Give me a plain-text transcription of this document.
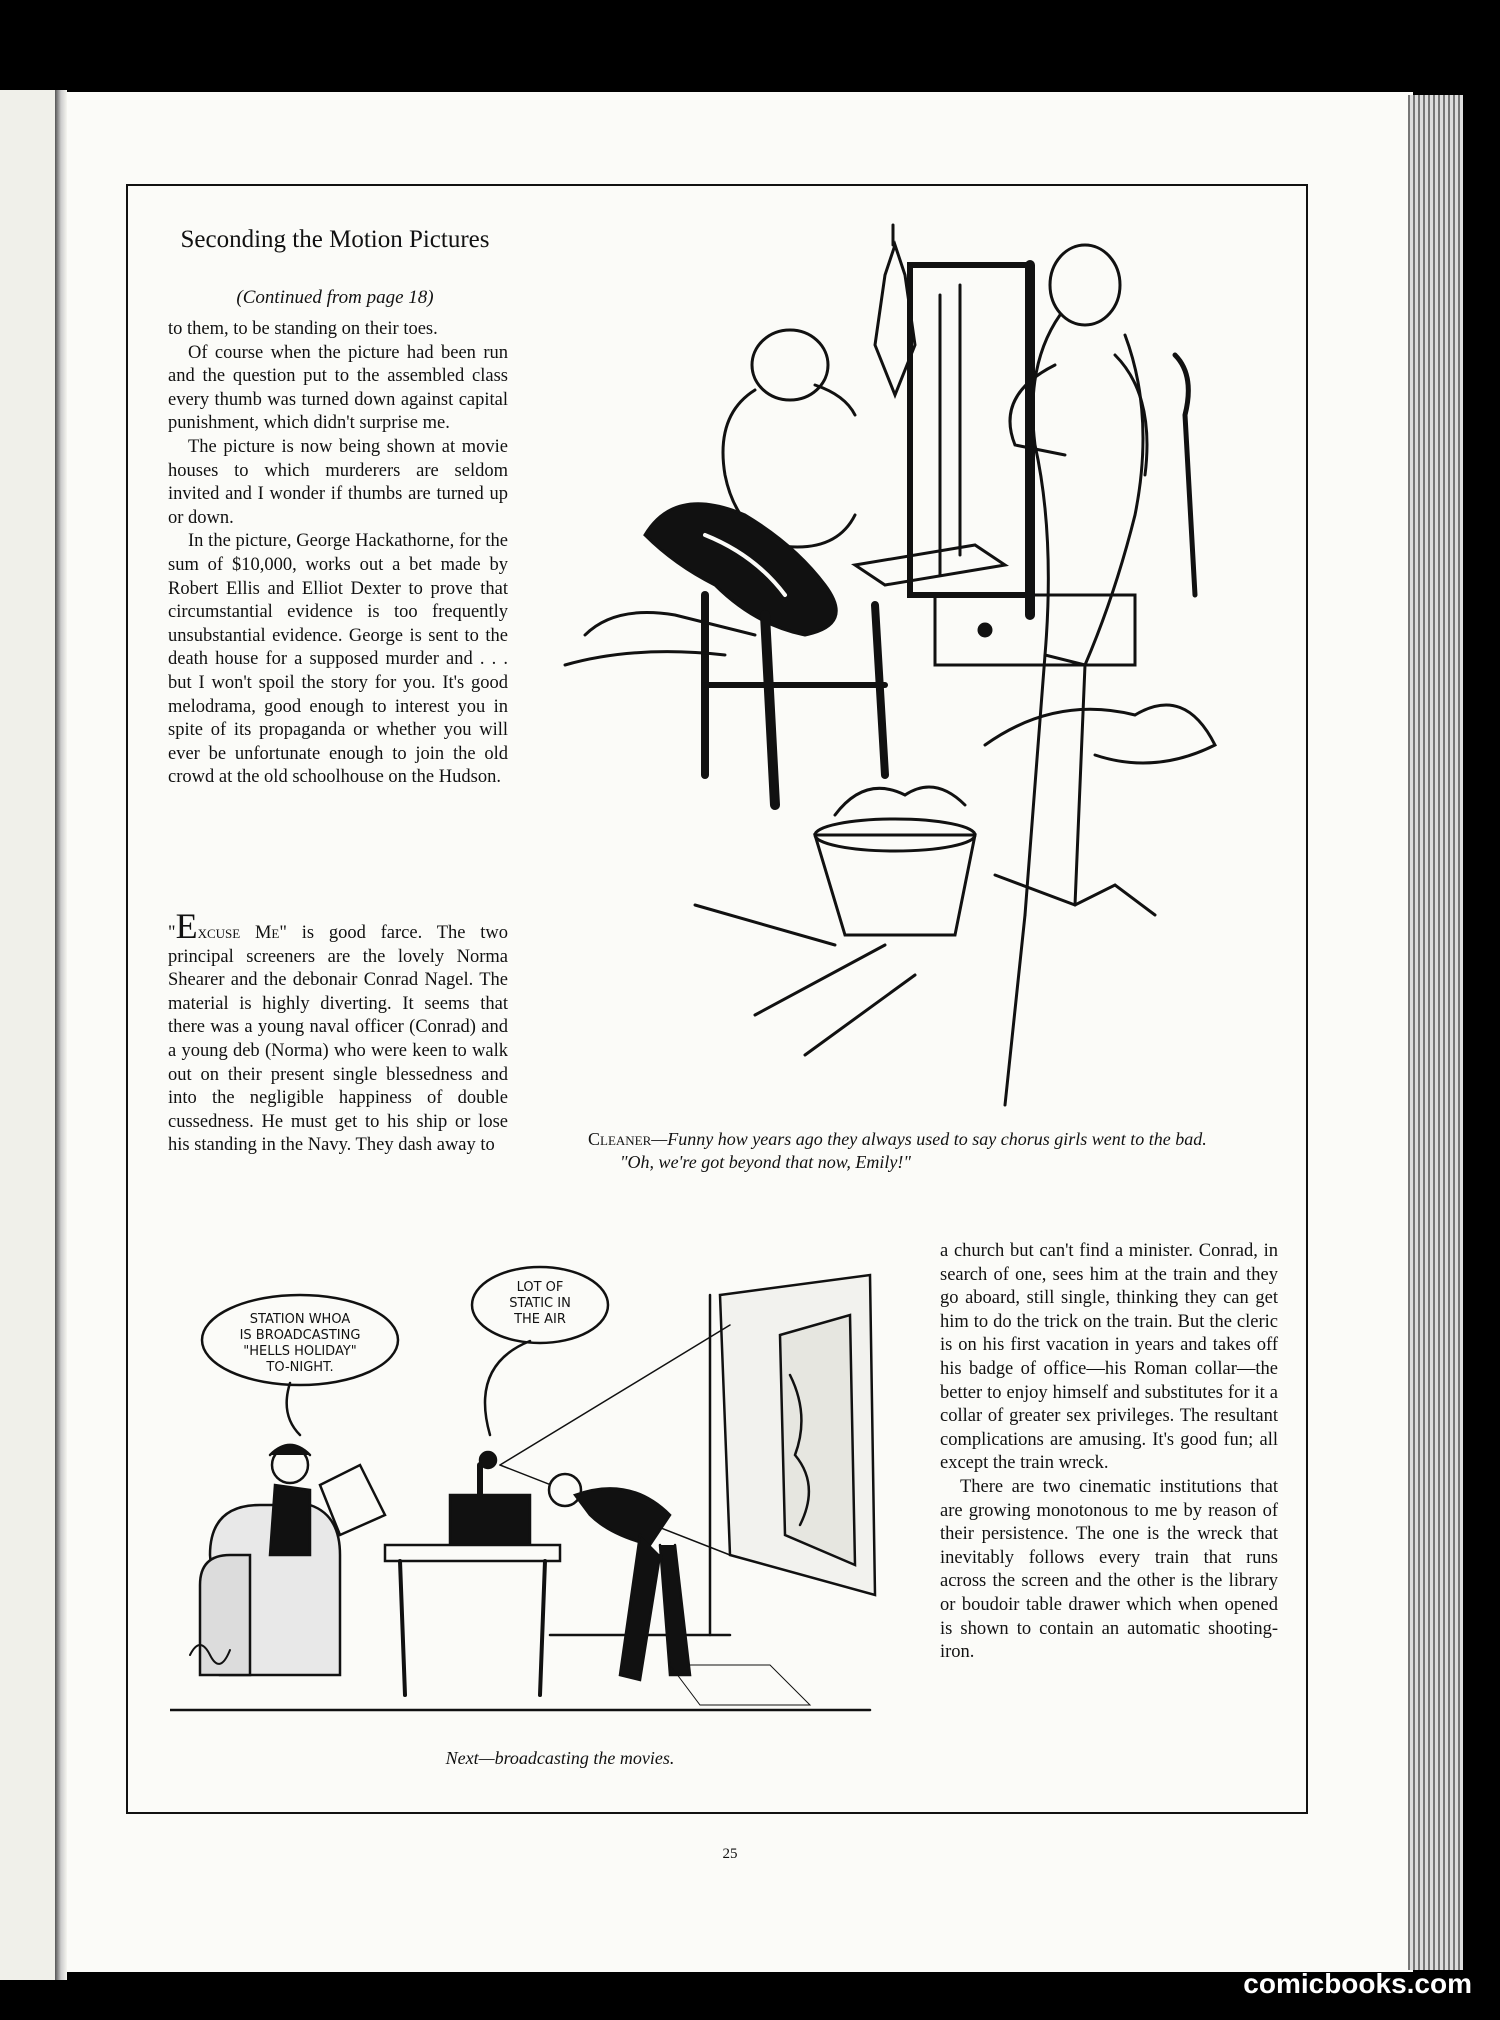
Seconding the Motion Pictures
(Continued from page 18)

to them, to be standing on their toes.

Of course when the picture had been run and the question put to the assembled class every thumb was turned down against capital punishment, which didn't surprise me.

The picture is now being shown at movie houses to which murderers are seldom invited and I wonder if thumbs are turned up or down.

In the picture, George Hackathorne, for the sum of $10,000, works out a bet made by Robert Ellis and Elliot Dexter to prove that circumstantial evidence is too frequently unsubstantial evidence. George is sent to the death house for a supposed murder and . . . but I won't spoil the story for you. It's good melodrama, good enough to interest you in spite of its propaganda or whether you will ever be unfortunate enough to join the old crowd at the old schoolhouse on the Hudson.

"Excuse Me" is good farce. The two principal screeners are the lovely Norma Shearer and the debonair Conrad Nagel. The material is highly diverting. It seems that there was a young naval officer (Conrad) and a young deb (Norma) who were keen to walk out on their present single blessedness and into the negligible happiness of double cussedness. He must get to his ship or lose his standing in the Navy. They dash away to

a church but can't find a minister. Conrad, in search of one, sees him at the train and they go aboard, still single, thinking they can get him to do the trick on the train. But the cleric is on his first vacation in years and takes off his badge of office—his Roman collar—the better to enjoy himself and substitutes for it a collar of greater sex privileges. The resultant complications are amusing. It's good fun; all except the train wreck.

There are two cinematic institutions that are growing monotonous to me by reason of their persistence. The one is the wreck that inevitably follows every train that runs across the screen and the other is the library or boudoir table drawer which when opened is shown to contain an automatic shooting-iron.

Cleaner—Funny how years ago they always used to say chorus girls went to the bad.
"Oh, we're got beyond that now, Emily!"
STATION WHOA
IS BROADCASTING
"HELLS HOLIDAY"
TO-NIGHT.
LOT OF
STATIC IN
THE AIR
Next—broadcasting the movies.
25
comicbooks.com
